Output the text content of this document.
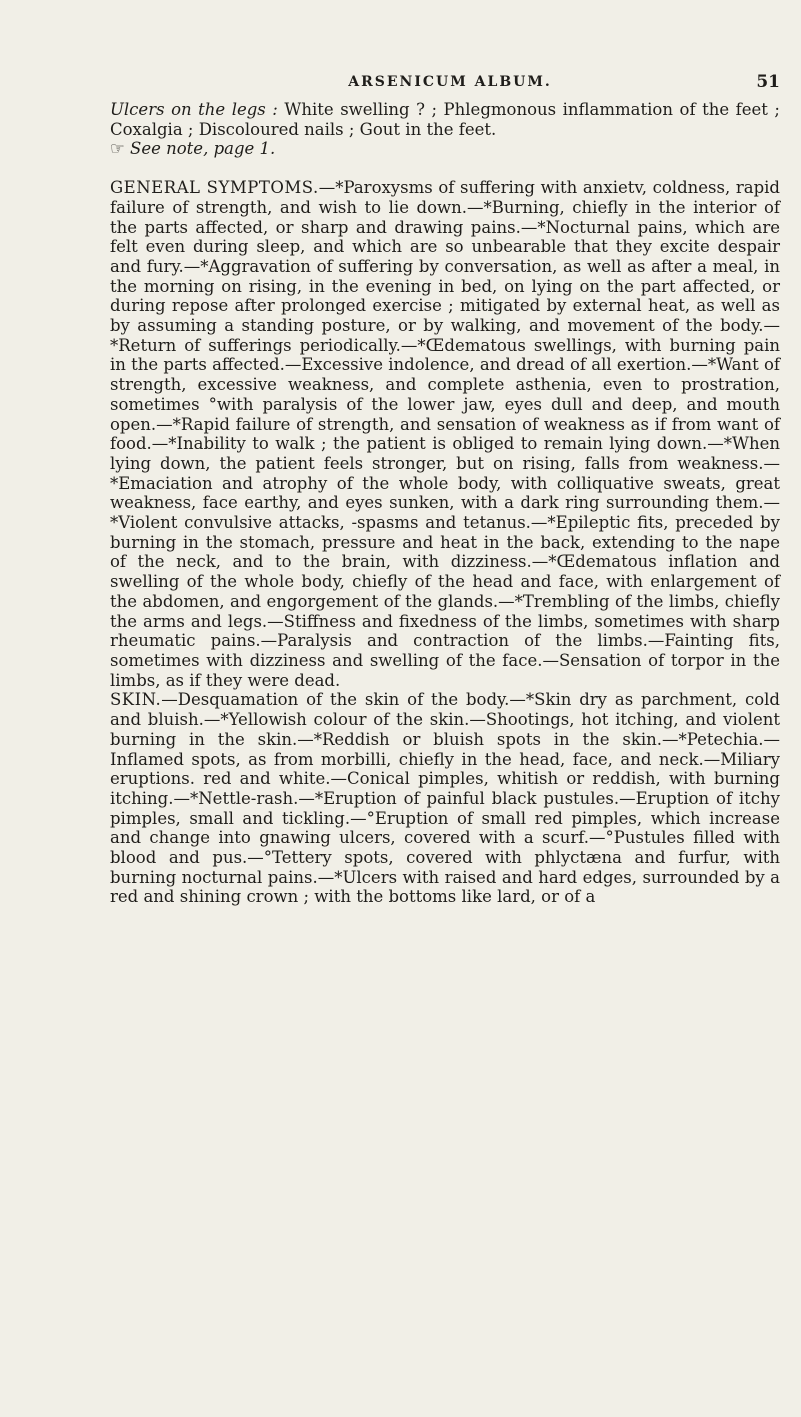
ARSENICUM ALBUM.	51

Ulcers on the legs : White swelling ? ; Phlegmonous inflammation of the feet ; Coxalgia ; Discoloured nails ; Gout in the feet.
☞ See note, page 1.

GENERAL SYMPTOMS.—*Paroxysms of suffering with anxietv, coldness, rapid failure of strength, and wish to lie down.—*Burning, chiefly in the interior of the parts affected, or sharp and drawing pains.—*Nocturnal pains, which are felt even during sleep, and which are so unbearable that they excite despair and fury.—*Aggravation of suffering by conversation, as well as after a meal, in the morning on rising, in the evening in bed, on lying on the part affected, or during repose after prolonged exercise ; mitigated by external heat, as well as by assuming a standing posture, or by walking, and movement of the body.—*Return of sufferings periodically.—*Œdematous swellings, with burning pain in the parts affected.—Excessive indolence, and dread of all exertion.—*Want of strength, excessive weakness, and complete asthenia, even to prostration, sometimes °with paralysis of the lower jaw, eyes dull and deep, and mouth open.—*Rapid failure of strength, and sensation of weakness as if from want of food.—*Inability to walk ; the patient is obliged to remain lying down.—*When lying down, the patient feels stronger, but on rising, falls from weakness.—*Emaciation and atrophy of the whole body, with colliquative sweats, great weakness, face earthy, and eyes sunken, with a dark ring surrounding them.—*Violent convulsive attacks, -spasms and tetanus.—*Epileptic fits, preceded by burning in the stomach, pressure and heat in the back, extending to the nape of the neck, and to the brain, with dizziness.—*Œdematous inflation and swelling of the whole body, chiefly of the head and face, with enlargement of the abdomen, and engorgement of the glands.—*Trembling of the limbs, chiefly the arms and legs.—Stiffness and fixedness of the limbs, sometimes with sharp rheumatic pains.—Paralysis and contraction of the limbs.—Fainting fits, sometimes with dizziness and swelling of the face.—Sensation of torpor in the limbs, as if they were dead.

SKIN.—Desquamation of the skin of the body.—*Skin dry as parchment, cold and bluish.—*Yellowish colour of the skin.—Shootings, hot itching, and violent burning in the skin.—*Reddish or bluish spots in the skin.—*Petechia.—Inflamed spots, as from morbilli, chiefly in the head, face, and neck.—Miliary eruptions. red and white.—Conical pimples, whitish or reddish, with burning itching.—*Nettle-rash.—*Eruption of painful black pustules.—Eruption of itchy pimples, small and tickling.—°Eruption of small red pimples, which increase and change into gnawing ulcers, covered with a scurf.—°Pustules filled with blood and pus.—°Tettery spots, covered with phlyctæna and furfur, with burning nocturnal pains.—*Ulcers with raised and hard edges, surrounded by a red and shining crown ; with the bottoms like lard, or of a
